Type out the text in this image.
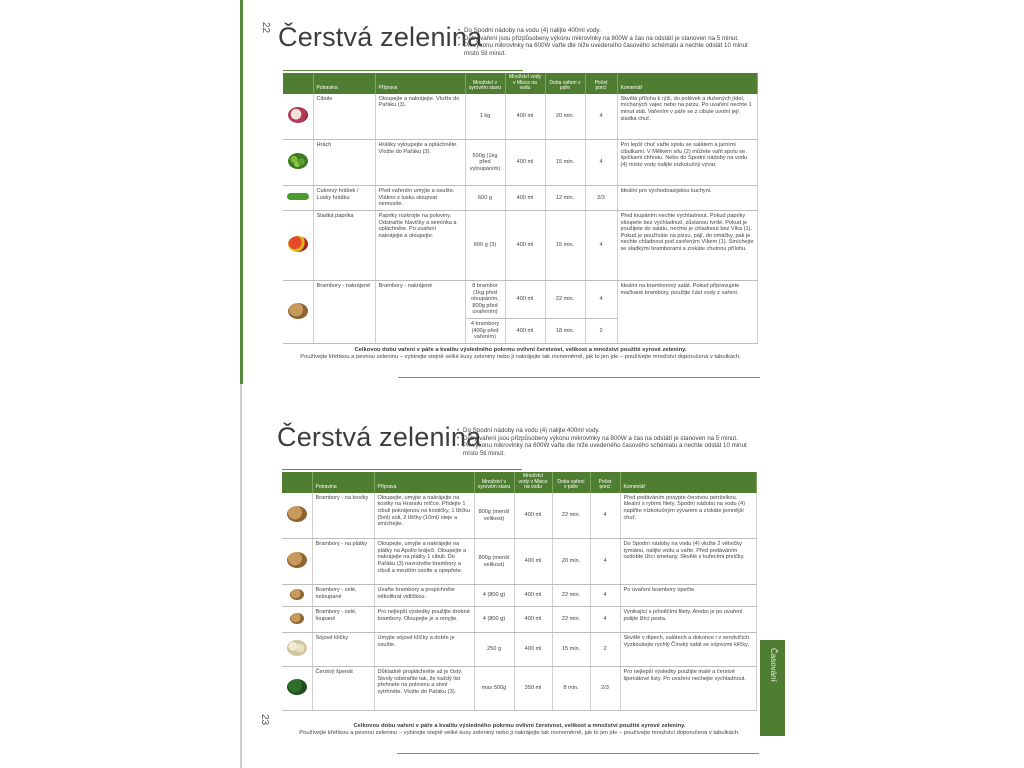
22 Čerstvá zelenina
• Do Spodní nádoby na vodu (4) nalijte 400ml vody.
• Doby vaření jsou přizpůsobeny výkonu mikrovlnky na 800W a čas na odstátí je stanoven na 5 minut.
• Při výkonu mikrovlnky na 600W vařte dle níže uvedeného časového schématu a nechte odstát 10 minut místo 5ti minut.
	Potravina	Příprava	Množství v syrovém stavu	Množství vody v Misce na vodu	Doba vaření v páře	Počet porcí	Komentář
	Cibule	Oloupejte a nakrájejte. Vložte do Pařáku (3).	1 kg	400 ml	20 min.	4	Skvělá příloha k rýži, do polévek a dušených jídel, míchaných vajec nebo na pizzu. Po uvaření nechte 1 minut stát. Vařením v páře se z cibule uvolní její sladká chuť.
	Hrách	Hrášky vyloupejte a opláchněte. Vložte do Pařáku (3).	500g (1kg před vyloupáním)	400 ml	15 min.	4	Pro lepší chuť vařte spolu se salátem a jarními cibulkami. V Mělkém sítu (2) můžete vařit spolu se špičkami chřestu. Nebo do Spodní nádoby na vodu (4) místo vody nalijte nízkotučný vývar.
	Cukrový hrášek / Lusky hrášku	Před vařením umyjte a osušte. Vlákno z lusku sloupvat nemusíte.	600 g	400 ml	12 min.	2/3	Ideální pro východoasijskou kuchyni.
	Sladká paprika	Papriky rozkrojte na poloviny. Odstraňte hlavičky a semínka a opláchněte. Po uvaření nakrájejte a oloupejte.	600 g (3)	400 ml	15 min.	4	Před loupáním nechte vychladnout. Pokud papriky oloupete bez vychladnutí, zůstanou tvrdé. Pokud je použijete do salátu, nechte je chladnout bez Víka (1). Pokud je používáte na pizzu, pájí, do omáčky, pak je nechte chladnout pod zavřeným Víkem (1). Smíchejte se sladkými bramborami a získáte chutnou přílohu.
	Brambory - nakrájené	Brambory - nakrájené	8 brambor (1kg před oloupáním, 800g před uvařením)	400 ml	22 min.	4	Ideální na bramborový salát. Pokud připravujete mačkané brambory, použijte část vody z vaření.
			4 brambory (400g před vařením)	400 ml	18 min.	2	
Celkovou dobu vaření v páře a kvalitu výsledného pokrmu ovlivní čerstvost, velikost a množství použité syrové zeleniny.
Používejte křehkou a pevnou zeleninu – vybírejte stejně velké kusy zeleniny nebo ji nakrájejte tak rovnoměrně, jak to jen jde – používejte množství doporučená v tabulkách.
23
Čerstvá zelenina
• Do Spodní nádoby na vodu (4) nalijte 400ml vody.
• Doby vaření jsou přizpůsobeny výkonu mikrovlnky na 800W a čas na odstátí je stanoven na 5 minut.
• Při výkonu mikrovlnky na 600W vařte dle níže uvedeného časového schématu a nechte odstát 10 minut místo 5ti minut.
	Potravina	Příprava	Množství v syrovém stavu	Množství vody v Misce na vodu	Doba vaření v páře	Počet porcí	Komentář
	Brambory - na kostky	Oloupejte, umyjte a nakrájejte na kostky na Hranolu míčce. Přidejte 1 cibuli pokrájenou na kostičky, 1 lžičku (5ml) soli, 2 lžičky (10ml) oleje a smíchejte.	800g (menší velikost)	400 ml	22 min.	4	Před podáváním posypte čerstvou petrželkou. Ideální s rybími filety. Spodní nádobu na vodu (4) naplňte nízkotučným vývarem a získáte jemnější chuť.
	Brambory - na plátky	Oloupejte, umyjte a nakrájejte na plátky na Apollo kráječi. Oloupejte a nakrájejte na plátky 1 cibuli. Do Pařáku (3) navrstvěte brambory a cibuli a mezitím osolte a opepřete.	800g (menší velikost)	400 ml	20 min.	4	Do Spodní nádoby na vodu (4) vložte 2 větvičky tymiánu, nalijte vodu a vařte. Před podáváním ozdobte lžící smetany. Skvělé s kuřecími prsíčky.
	Brambory - celé, neloupané	Uvařte brambory a propíchněte několikrát vidličkou.	4 (800 g)	400 ml	22 min.	4	Po uvaření brambory opečte.
	Brambory - celé, loupané	Pro nejlepší výsledky použijte drobné brambory. Oloupejte je a omyjte.	4 (800 g)	400 ml	22 min.	4	Vynikající s jehněčími filety. Anebo je po uvaření polijte lžící pesta.
	Sójové klíčky	Umyjte sójové klíčky a dobře je osušte.	250 g	400 ml	15 min.	2	Skvělé v dipech, salátech a dokonce i v sendvičích. Vyzkoušejte rychlý Čínský salát se sójovými klíčky.
	Čerstvý špenát	Důkladně propláchněte až je čistý. Stvoly odstraňte tak, že každý list přehnete na polovinu a stvol vytrhněte. Vložte do Pařáku (3).	max 500g	350 ml	8 min.	2/3	Pro nejlepší výsledky použijte malé a čerstvé špenátové listy. Po uvaření nechejte vychladnout.
Celkovou dobu vaření v páře a kvalitu výsledného pokrmu ovlivní čerstvost, velikost a množství použité syrové zeleniny.
Používejte křehkou a pevnou zeleninu – vybírejte stejně velké kusy zeleniny nebo ji nakrájejte tak rovnoměrně, jak to jen jde – používejte množství doporučená v tabulkách.
Časování
